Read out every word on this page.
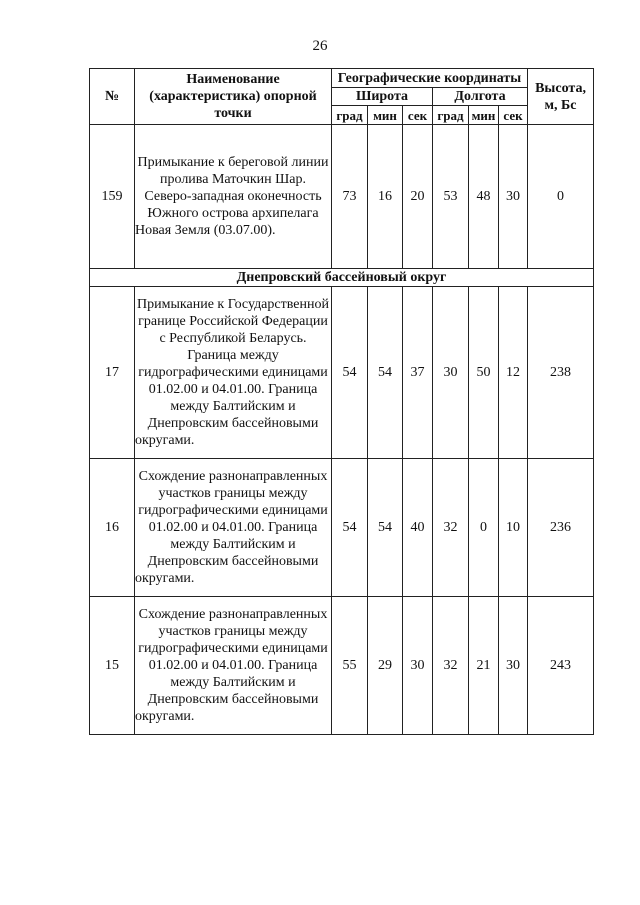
26
№	Наименование (характеристика) опорной точки	Географические координаты						Высота, м, Бс
		Широта			Долгота			
		град	мин	сек	град	мин	сек	
159	Примыкание к береговой линии пролива Маточкин Шар. Северо-западная оконечность Южного острова архипелага Новая Земля (03.07.00).	73	16	20	53	48	30	0
Днепровский бассейновый округ								
17	Примыкание к Государственной границе Российской Федерации с Республикой Беларусь. Граница между гидрографическими единицами 01.02.00 и 04.01.00. Граница между Балтийским и Днепровским бассейновыми округами.	54	54	37	30	50	12	238
16	Схождение разнонаправленных участков границы между гидрографическими единицами 01.02.00 и 04.01.00. Граница между Балтийским и Днепровским бассейновыми округами.	54	54	40	32	0	10	236
15	Схождение разнонаправленных участков границы между гидрографическими единицами 01.02.00 и 04.01.00. Граница между Балтийским и Днепровским бассейновыми округами.	55	29	30	32	21	30	243
